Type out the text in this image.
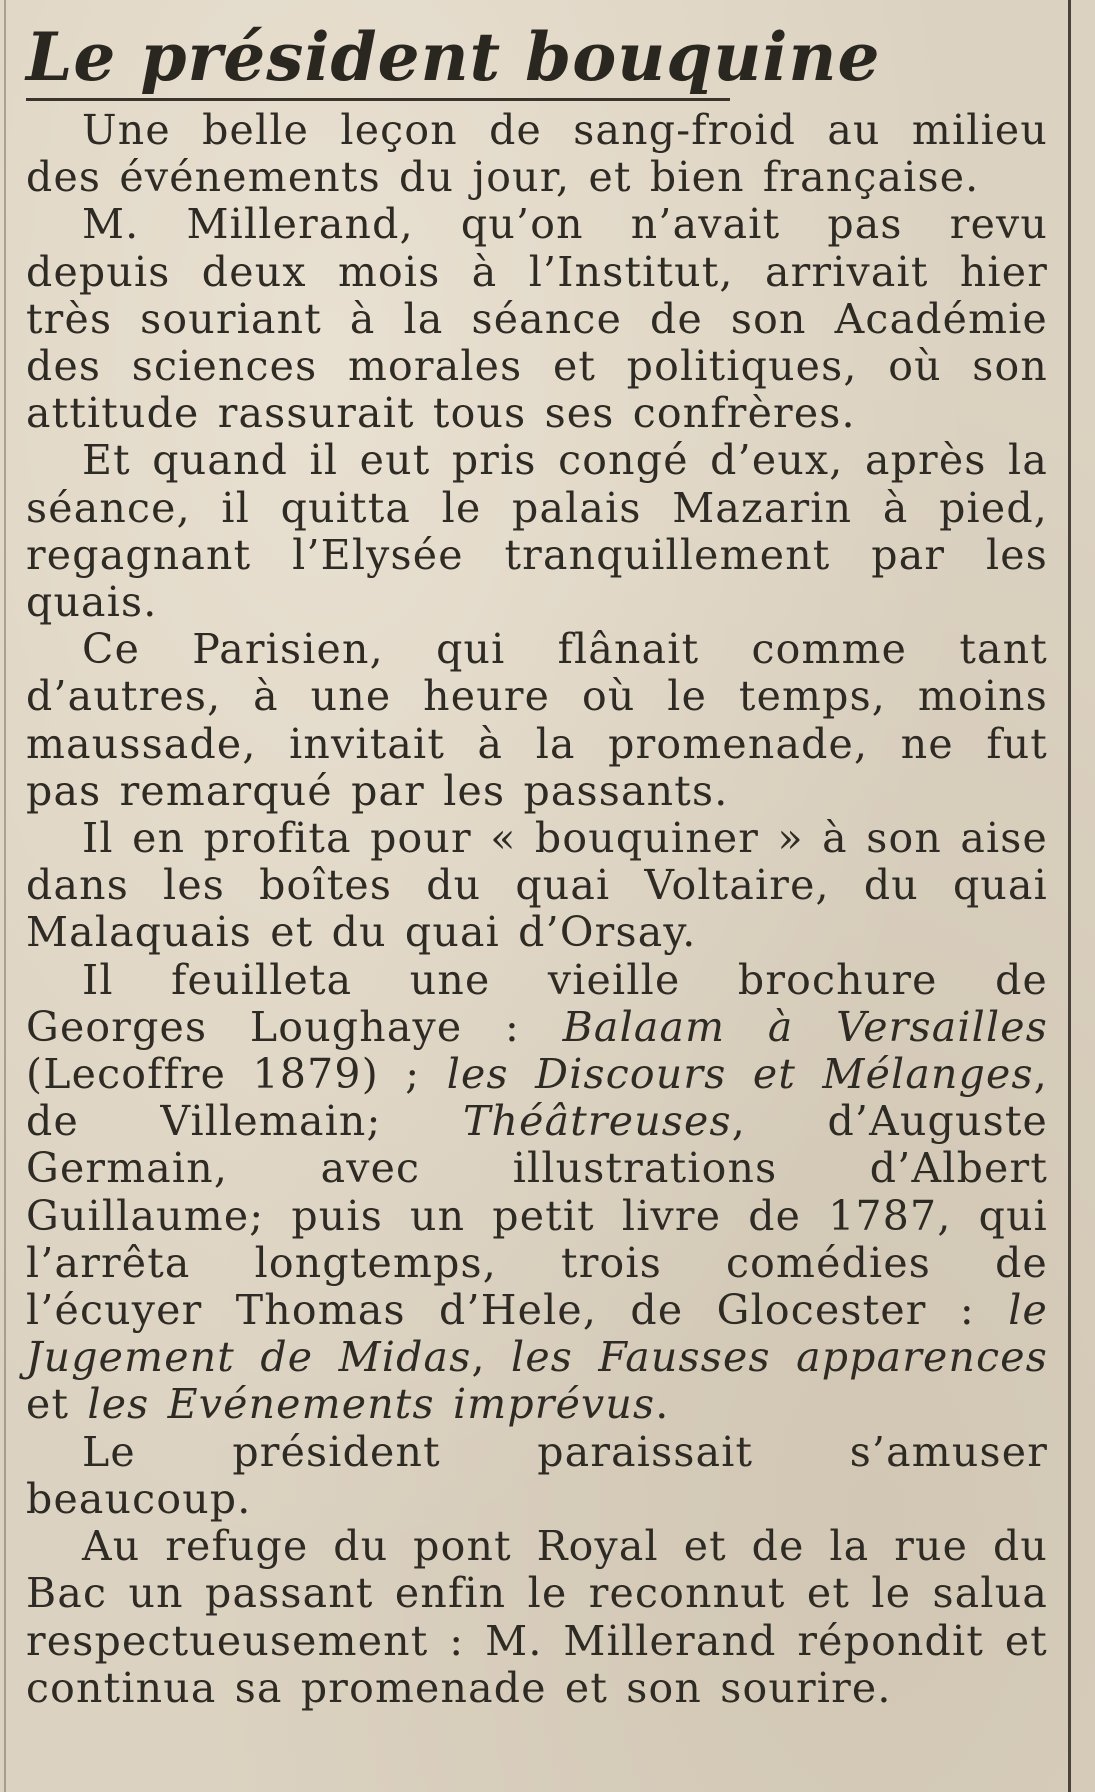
Le président bouquine

Une belle leçon de sang-froid au milieu des événements du jour, et bien française.

M. Millerand, qu’on n’avait pas revu depuis deux mois à l’Institut, arrivait hier très souriant à la séance de son Académie des sciences morales et politiques, où son attitude rassurait tous ses confrères.

Et quand il eut pris congé d’eux, après la séance, il quitta le palais Mazarin à pied, regagnant l’Elysée tranquillement par les quais.

Ce Parisien, qui flânait comme tant d’autres, à une heure où le temps, moins maussade, invitait à la promenade, ne fut pas remarqué par les passants.

Il en profita pour « bouquiner » à son aise dans les boîtes du quai Voltaire, du quai Malaquais et du quai d’Orsay.

Il feuilleta une vieille brochure de Georges Loughaye : Balaam à Versailles (Lecoffre 1879) ; les Discours et Mélanges, de Villemain; Théâtreuses, d’Auguste Germain, avec illustrations d’Albert Guillaume; puis un petit livre de 1787, qui l’arrêta longtemps, trois comédies de l’écuyer Thomas d’Hele, de Glocester : le Jugement de Midas, les Fausses apparences et les Evénements imprévus.

Le président paraissait s’amuser beaucoup.

Au refuge du pont Royal et de la rue du Bac un passant enfin le reconnut et le salua respectueusement : M. Millerand répondit et continua sa promenade et son sourire.
